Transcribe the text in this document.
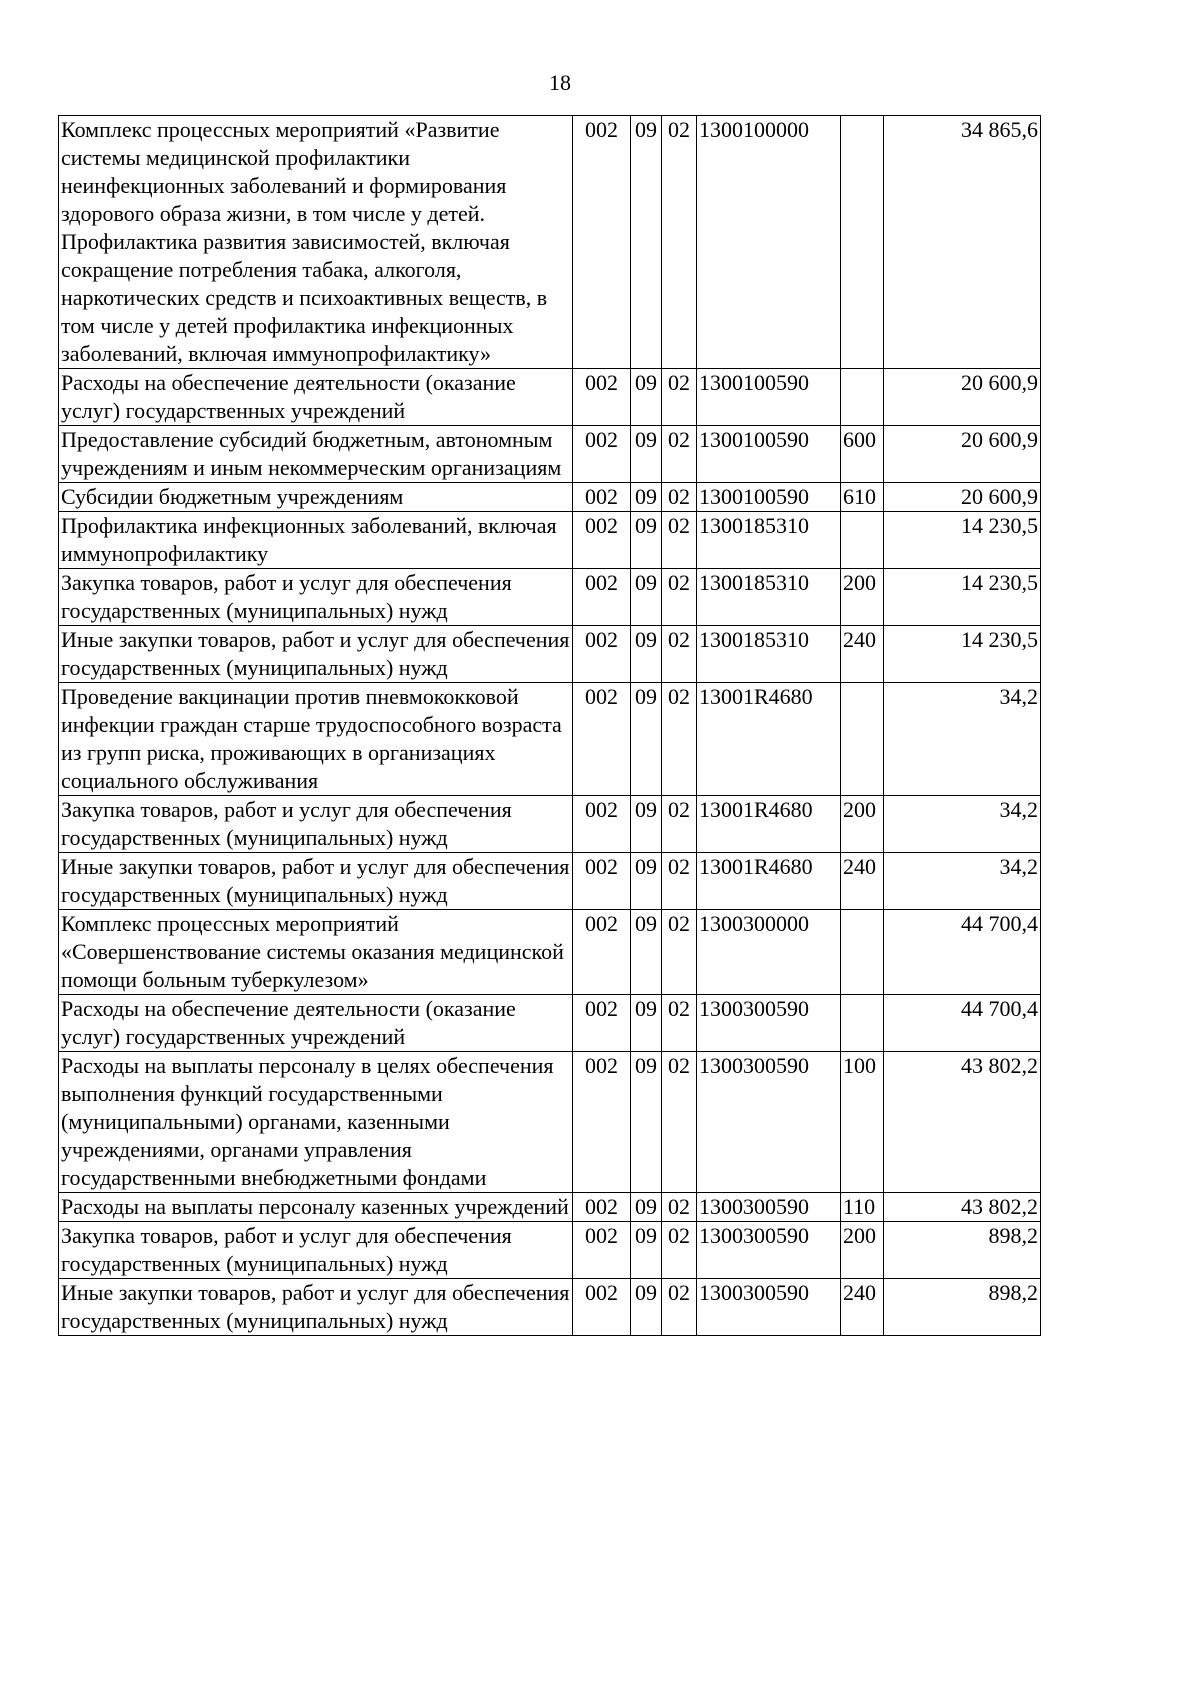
18
Комплекс процессных мероприятий «Развитие системы медицинской профилактики неинфекционных заболеваний и формирования здорового образа жизни, в том числе у детей. Профилактика развития зависимостей, включая сокращение потребления табака, алкоголя, наркотических средств и психоактивных веществ, в том числе у детей профилактика инфекционных заболеваний, включая иммунопрофилактику»	002	09	02	1300100000		34 865,6
Расходы на обеспечение деятельности (оказание услуг) государственных учреждений	002	09	02	1300100590		20 600,9
Предоставление субсидий бюджетным, автономным учреждениям и иным некоммерческим организациям	002	09	02	1300100590	600	20 600,9
Субсидии бюджетным учреждениям	002	09	02	1300100590	610	20 600,9
Профилактика инфекционных заболеваний, включая иммунопрофилактику	002	09	02	1300185310		14 230,5
Закупка товаров, работ и услуг для обеспечения государственных (муниципальных) нужд	002	09	02	1300185310	200	14 230,5
Иные закупки товаров, работ и услуг для обеспечения государственных (муниципальных) нужд	002	09	02	1300185310	240	14 230,5
Проведение вакцинации против пневмококковой инфекции граждан старше трудоспособного возраста из групп риска, проживающих в организациях социального обслуживания	002	09	02	13001R4680		34,2
Закупка товаров, работ и услуг для обеспечения государственных (муниципальных) нужд	002	09	02	13001R4680	200	34,2
Иные закупки товаров, работ и услуг для обеспечения государственных (муниципальных) нужд	002	09	02	13001R4680	240	34,2
Комплекс процессных мероприятий «Совершенствование системы оказания медицинской помощи больным туберкулезом»	002	09	02	1300300000		44 700,4
Расходы на обеспечение деятельности (оказание услуг) государственных учреждений	002	09	02	1300300590		44 700,4
Расходы на выплаты персоналу в целях обеспечения выполнения функций государственными (муниципальными) органами, казенными учреждениями, органами управления государственными внебюджетными фондами	002	09	02	1300300590	100	43 802,2
Расходы на выплаты персоналу казенных учреждений	002	09	02	1300300590	110	43 802,2
Закупка товаров, работ и услуг для обеспечения государственных (муниципальных) нужд	002	09	02	1300300590	200	898,2
Иные закупки товаров, работ и услуг для обеспечения государственных (муниципальных) нужд	002	09	02	1300300590	240	898,2
